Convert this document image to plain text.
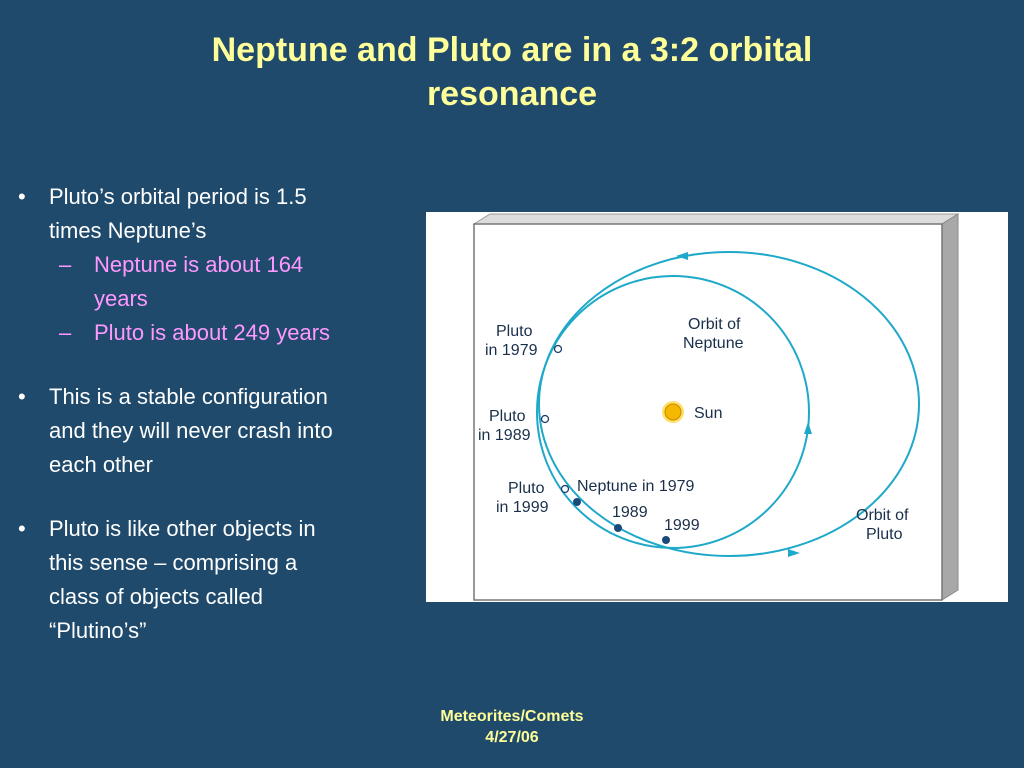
Neptune and Pluto are in a 3:2 orbital
resonance
• Pluto’s orbital period is 1.5
times Neptune’s
– Neptune is about 164
years
– Pluto is about 249 years
• This is a stable configuration
and they will never crash into
each other
• Pluto is like other objects in
this sense – comprising a
class of objects called
“Plutino’s”
Sun
Pluto in 1979
Pluto in 1989
Pluto in 1999
Orbit of Neptune
Orbit of Pluto
Neptune in 1979
1989
1999
Meteorites/Comets
4/27/06
